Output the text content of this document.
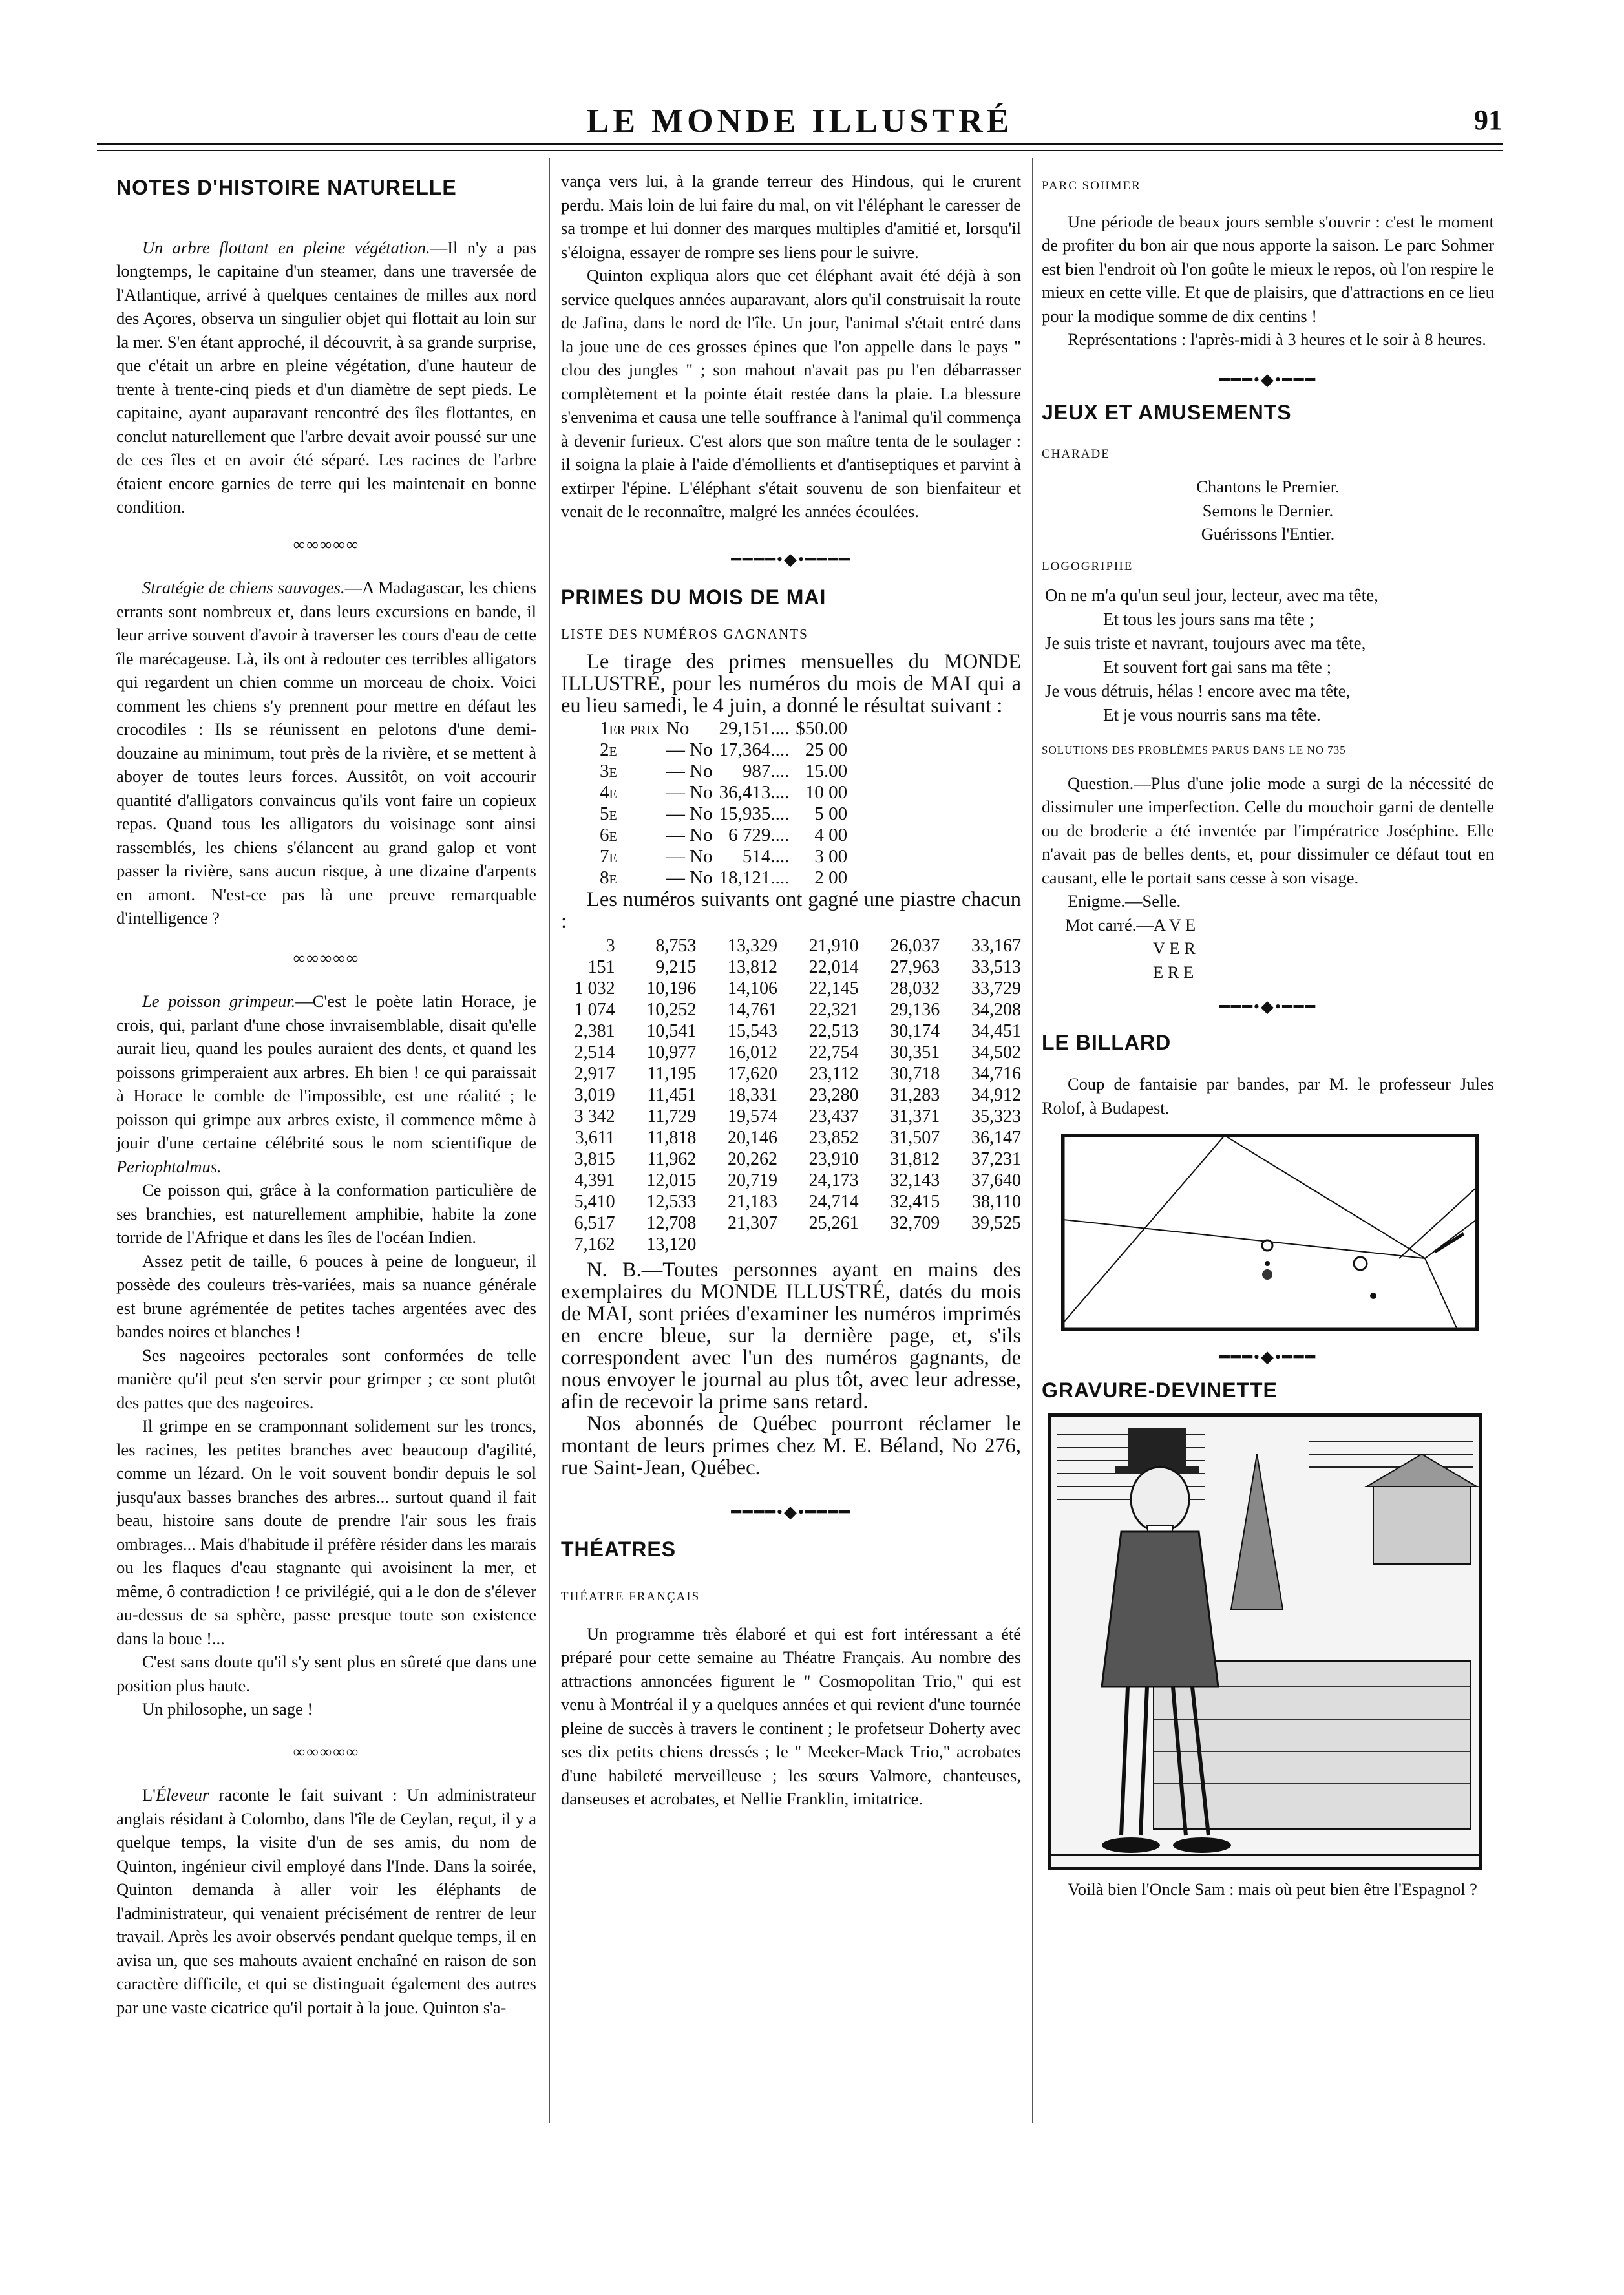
LE MONDE ILLUSTRÉ	91

NOTES D'HISTOIRE NATURELLE

Un arbre flottant en pleine végétation.—Il n'y a pas longtemps, le capitaine d'un steamer, dans une traversée de l'Atlantique, arrivé à quelques centaines de milles aux nord des Açores, observa un singulier objet qui flottait au loin sur la mer. S'en étant approché, il découvrit, à sa grande surprise, que c'était un arbre en pleine végétation, d'une hauteur de trente à trente-cinq pieds et d'un diamètre de sept pieds. Le capitaine, ayant auparavant rencontré des îles flottantes, en conclut naturellement que l'arbre devait avoir poussé sur une de ces îles et en avoir été séparé. Les racines de l'arbre étaient encore garnies de terre qui les maintenait en bonne condition.

∞∞∞∞∞

Stratégie de chiens sauvages.—A Madagascar, les chiens errants sont nombreux et, dans leurs excursions en bande, il leur arrive souvent d'avoir à traverser les cours d'eau de cette île marécageuse. Là, ils ont à redouter ces terribles alligators qui regardent un chien comme un morceau de choix. Voici comment les chiens s'y prennent pour mettre en défaut les crocodiles : Ils se réunissent en pelotons d'une demi-douzaine au minimum, tout près de la rivière, et se mettent à aboyer de toutes leurs forces. Aussitôt, on voit accourir quantité d'alligators convaincus qu'ils vont faire un copieux repas. Quand tous les alligators du voisinage sont ainsi rassemblés, les chiens s'élancent au grand galop et vont passer la rivière, sans aucun risque, à une dizaine d'arpents en amont. N'est-ce pas là une preuve remarquable d'intelligence ?

∞∞∞∞∞

Le poisson grimpeur.—C'est le poète latin Horace, je crois, qui, parlant d'une chose invraisemblable, disait qu'elle aurait lieu, quand les poules auraient des dents, et quand les poissons grimperaient aux arbres. Eh bien ! ce qui paraissait à Horace le comble de l'impossible, est une réalité ; le poisson qui grimpe aux arbres existe, il commence même à jouir d'une certaine célébrité sous le nom scientifique de Periophtalmus.

Ce poisson qui, grâce à la conformation particulière de ses branchies, est naturellement amphibie, habite la zone torride de l'Afrique et dans les îles de l'océan Indien.

Assez petit de taille, 6 pouces à peine de longueur, il possède des couleurs très-variées, mais sa nuance générale est brune agrémentée de petites taches argentées avec des bandes noires et blanches !

Ses nageoires pectorales sont conformées de telle manière qu'il peut s'en servir pour grimper ; ce sont plutôt des pattes que des nageoires.

Il grimpe en se cramponnant solidement sur les troncs, les racines, les petites branches avec beaucoup d'agilité, comme un lézard. On le voit souvent bondir depuis le sol jusqu'aux basses branches des arbres... surtout quand il fait beau, histoire sans doute de prendre l'air sous les frais ombrages... Mais d'habitude il préfère résider dans les marais ou les flaques d'eau stagnante qui avoisinent la mer, et même, ô contradiction ! ce privilégié, qui a le don de s'élever au-dessus de sa sphère, passe presque toute son existence dans la boue !...

C'est sans doute qu'il s'y sent plus en sûreté que dans une position plus haute.

Un philosophe, un sage !

∞∞∞∞∞

L'Éleveur raconte le fait suivant : Un administrateur anglais résidant à Colombo, dans l'île de Ceylan, reçut, il y a quelque temps, la visite d'un de ses amis, du nom de Quinton, ingénieur civil employé dans l'Inde. Dans la soirée, Quinton demanda à aller voir les éléphants de l'administrateur, qui venaient précisément de rentrer de leur travail. Après les avoir observés pendant quelque temps, il en avisa un, que ses mahouts avaient enchaîné en raison de son caractère difficile, et qui se distinguait également des autres par une vaste cicatrice qu'il portait à la joue. Quinton s'a-

vança vers lui, à la grande terreur des Hindous, qui le crurent perdu. Mais loin de lui faire du mal, on vit l'éléphant le caresser de sa trompe et lui donner des marques multiples d'amitié et, lorsqu'il s'éloigna, essayer de rompre ses liens pour le suivre.

Quinton expliqua alors que cet éléphant avait été déjà à son service quelques années auparavant, alors qu'il construisait la route de Jafina, dans le nord de l'île. Un jour, l'animal s'était entré dans la joue une de ces grosses épines que l'on appelle dans le pays " clou des jungles " ; son mahout n'avait pas pu l'en débarrasser complètement et la pointe était restée dans la plaie. La blessure s'envenima et causa une telle souffrance à l'animal qu'il commença à devenir furieux. C'est alors que son maître tenta de le soulager : il soigna la plaie à l'aide d'émollients et d'antiseptiques et parvint à extirper l'épine. L'éléphant s'était souvenu de son bienfaiteur et venait de le reconnaître, malgré les années écoulées.

━━━━•◆•━━━━

PRIMES DU MOIS DE MAI

LISTE DES NUMÉROS GAGNANTS

Le tirage des primes mensuelles du MONDE ILLUSTRÉ, pour les numéros du mois de MAI qui a eu lieu samedi, le 4 juin, a donné le résultat suivant :

1er prix	No	29,151....	$50.00
2e	— No	17,364....	25 00
3e	— No	987....	15.00
4e	— No	36,413....	10 00
5e	— No	15,935....	5 00
6e	— No	6 729....	4 00
7e	— No	514....	3 00
8e	— No	18,121....	2 00

Les numéros suivants ont gagné une piastre chacun :

3	8,753	13,329	21,910	26,037	33,167
151	9,215	13,812	22,014	27,963	33,513
1 032	10,196	14,106	22,145	28,032	33,729
1 074	10,252	14,761	22,321	29,136	34,208
2,381	10,541	15,543	22,513	30,174	34,451
2,514	10,977	16,012	22,754	30,351	34,502
2,917	11,195	17,620	23,112	30,718	34,716
3,019	11,451	18,331	23,280	31,283	34,912
3 342	11,729	19,574	23,437	31,371	35,323
3,611	11,818	20,146	23,852	31,507	36,147
3,815	11,962	20,262	23,910	31,812	37,231
4,391	12,015	20,719	24,173	32,143	37,640
5,410	12,533	21,183	24,714	32,415	38,110
6,517	12,708	21,307	25,261	32,709	39,525
7,162	13,120				

N. B.—Toutes personnes ayant en mains des exemplaires du MONDE ILLUSTRÉ, datés du mois de MAI, sont priées d'examiner les numéros imprimés en encre bleue, sur la dernière page, et, s'ils correspondent avec l'un des numéros gagnants, de nous envoyer le journal au plus tôt, avec leur adresse, afin de recevoir la prime sans retard.

Nos abonnés de Québec pourront réclamer le montant de leurs primes chez M. E. Béland, No 276, rue Saint-Jean, Québec.

━━━━•◆•━━━━

THÉATRES

THÉATRE FRANÇAIS

Un programme très élaboré et qui est fort intéressant a été préparé pour cette semaine au Théatre Français. Au nombre des attractions annoncées figurent le " Cosmopolitan Trio," qui est venu à Montréal il y a quelques années et qui revient d'une tournée pleine de succès à travers le continent ; le profetseur Doherty avec ses dix petits chiens dressés ; le " Meeker-Mack Trio," acrobates d'une habileté merveilleuse ; les sœurs Valmore, chanteuses, danseuses et acrobates, et Nellie Franklin, imitatrice.

PARC SOHMER

Une période de beaux jours semble s'ouvrir : c'est le moment de profiter du bon air que nous apporte la saison. Le parc Sohmer est bien l'endroit où l'on goûte le mieux le repos, où l'on respire le mieux en cette ville. Et que de plaisirs, que d'attractions en ce lieu pour la modique somme de dix centins !

Représentations : l'après-midi à 3 heures et le soir à 8 heures.

━━━•◆•━━━

JEUX ET AMUSEMENTS

CHARADE

Chantons le Premier.
Semons le Dernier.
Guérissons l'Entier.

LOGOGRIPHE

On ne m'a qu'un seul jour, lecteur, avec ma tête,
Et tous les jours sans ma tête ;
Je suis triste et navrant, toujours avec ma tête,
Et souvent fort gai sans ma tête ;
Je vous détruis, hélas ! encore avec ma tête,
Et je vous nourris sans ma tête.

SOLUTIONS DES PROBLÈMES PARUS DANS LE NO 735

Question.—Plus d'une jolie mode a surgi de la nécessité de dissimuler une imperfection. Celle du mouchoir garni de dentelle ou de broderie a été inventée par l'impératrice Joséphine. Elle n'avait pas de belles dents, et, pour dissimuler ce défaut tout en causant, elle le portait sans cesse à son visage.

Enigme.—Selle.

Mot carré.—A V E
V E R
E R E
━━━•◆•━━━

LE BILLARD

Coup de fantaisie par bandes, par M. le professeur Jules Rolof, à Budapest.

━━━•◆•━━━

GRAVURE-DEVINETTE

Voilà bien l'Oncle Sam : mais où peut bien être l'Espagnol ?
